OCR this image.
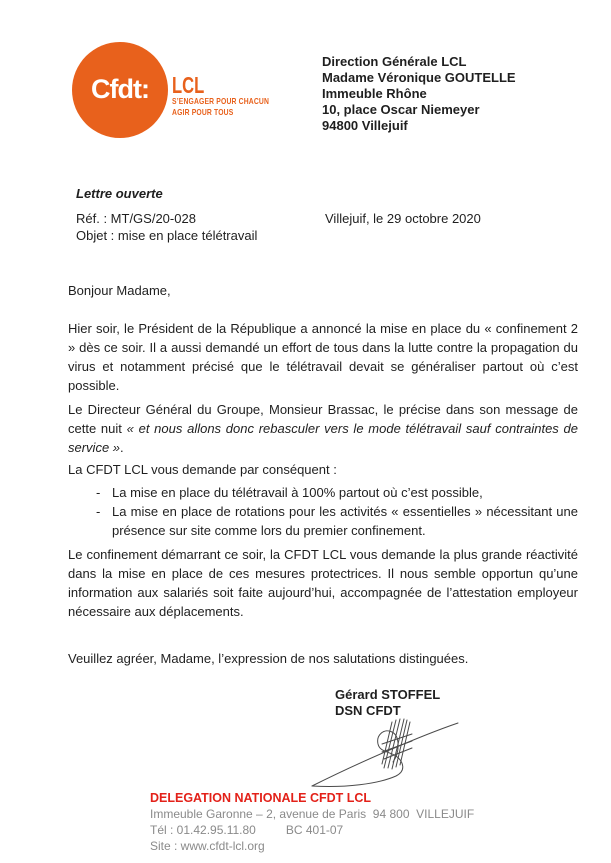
Cfdt: LCL
S’ENGAGER POUR CHACUN
AGIR POUR TOUS
Direction Générale LCL
Madame Véronique GOUTELLE
Immeuble Rhône
10, place Oscar Niemeyer
94800 Villejuif
Lettre ouverte
Réf. : MT/GS/20-028	Villejuif, le 29 octobre 2020
Objet : mise en place télétravail
Bonjour Madame,
Hier soir, le Président de la République a annoncé la mise en place du « confinement 2 » dès ce soir. Il a aussi demandé un effort de tous dans la lutte contre la propagation du virus et notamment précisé que le télétravail devait se généraliser partout où c’est possible.
Le Directeur Général du Groupe, Monsieur Brassac, le précise dans son message de cette nuit « et nous allons donc rebasculer vers le mode télétravail sauf contraintes de service ».
La CFDT LCL vous demande par conséquent :
- La mise en place du télétravail à 100% partout où c’est possible,
- La mise en place de rotations pour les activités « essentielles » nécessitant une présence sur site comme lors du premier confinement.
Le confinement démarrant ce soir, la CFDT LCL vous demande la plus grande réactivité dans la mise en place de ces mesures protectrices. Il nous semble opportun qu’une information aux salariés soit faite aujourd’hui, accompagnée de l’attestation employeur nécessaire aux déplacements.
Veuillez agréer, Madame, l’expression de nos salutations distinguées.
Gérard STOFFEL
DSN CFDT
DELEGATION NATIONALE CFDT LCL
Immeuble Garonne – 2, avenue de Paris  94 800  VILLEJUIF
Tél : 01.42.95.11.80	BC 401-07
Site : www.cfdt-lcl.org
